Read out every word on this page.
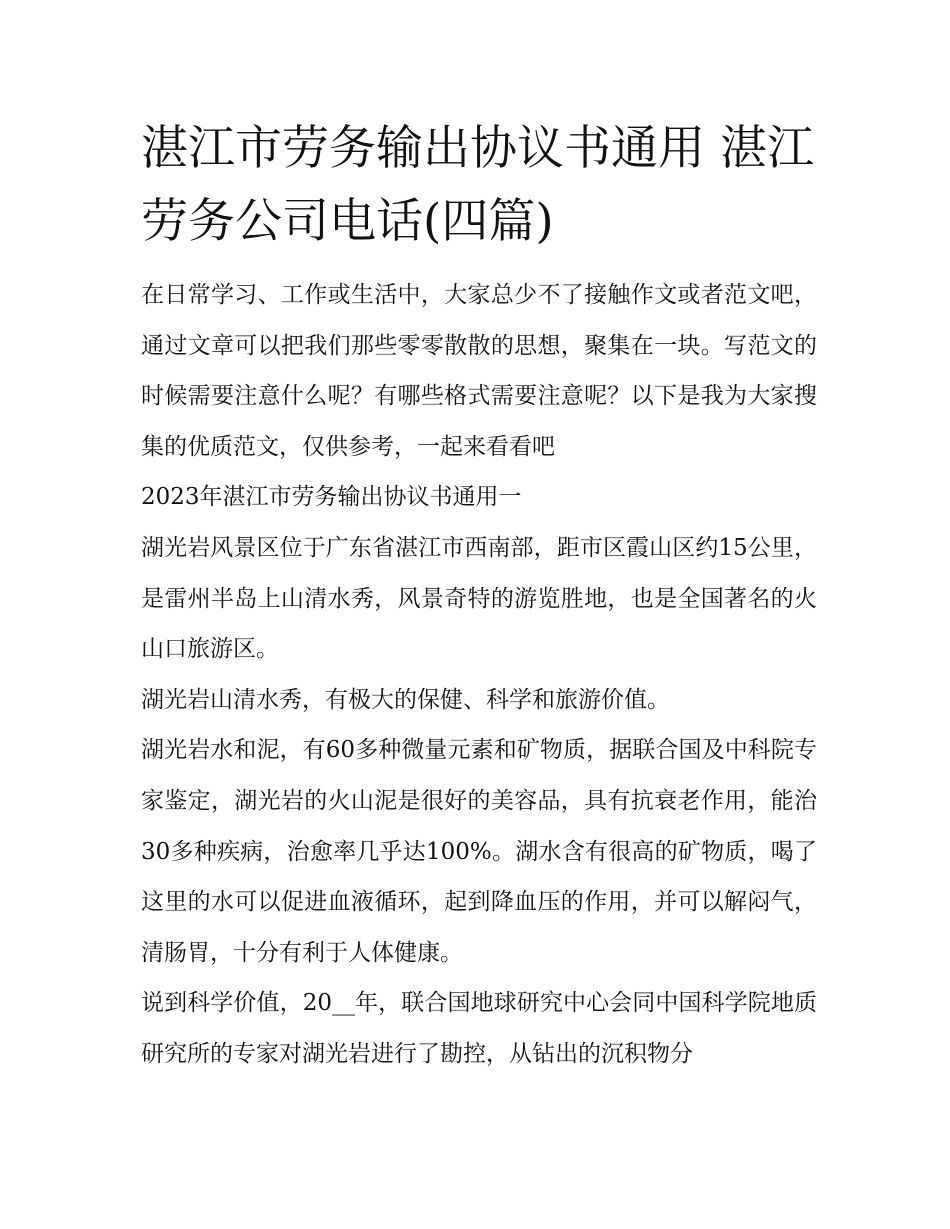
湛江市劳务输出协议书通用 湛江劳务公司电话(四篇)

在日常学习、工作或生活中，大家总少不了接触作文或者范文吧，通过文章可以把我们那些零零散散的思想，聚集在一块。写范文的时候需要注意什么呢？有哪些格式需要注意呢？以下是我为大家搜集的优质范文，仅供参考，一起来看看吧

2023年湛江市劳务输出协议书通用一

湖光岩风景区位于广东省湛江市西南部，距市区霞山区约15公里，是雷州半岛上山清水秀，风景奇特的游览胜地，也是全国著名的火山口旅游区。

湖光岩山清水秀，有极大的保健、科学和旅游价值。

湖光岩水和泥，有60多种微量元素和矿物质，据联合国及中科院专家鉴定，湖光岩的火山泥是很好的美容品，具有抗衰老作用，能治30多种疾病，治愈率几乎达100%。湖水含有很高的矿物质，喝了这里的水可以促进血液循环，起到降血压的作用，并可以解闷气，清肠胃，十分有利于人体健康。

说到科学价值，20__年，联合国地球研究中心会同中国科学院地质研究所的专家对湖光岩进行了勘控，从钻出的沉积物分
